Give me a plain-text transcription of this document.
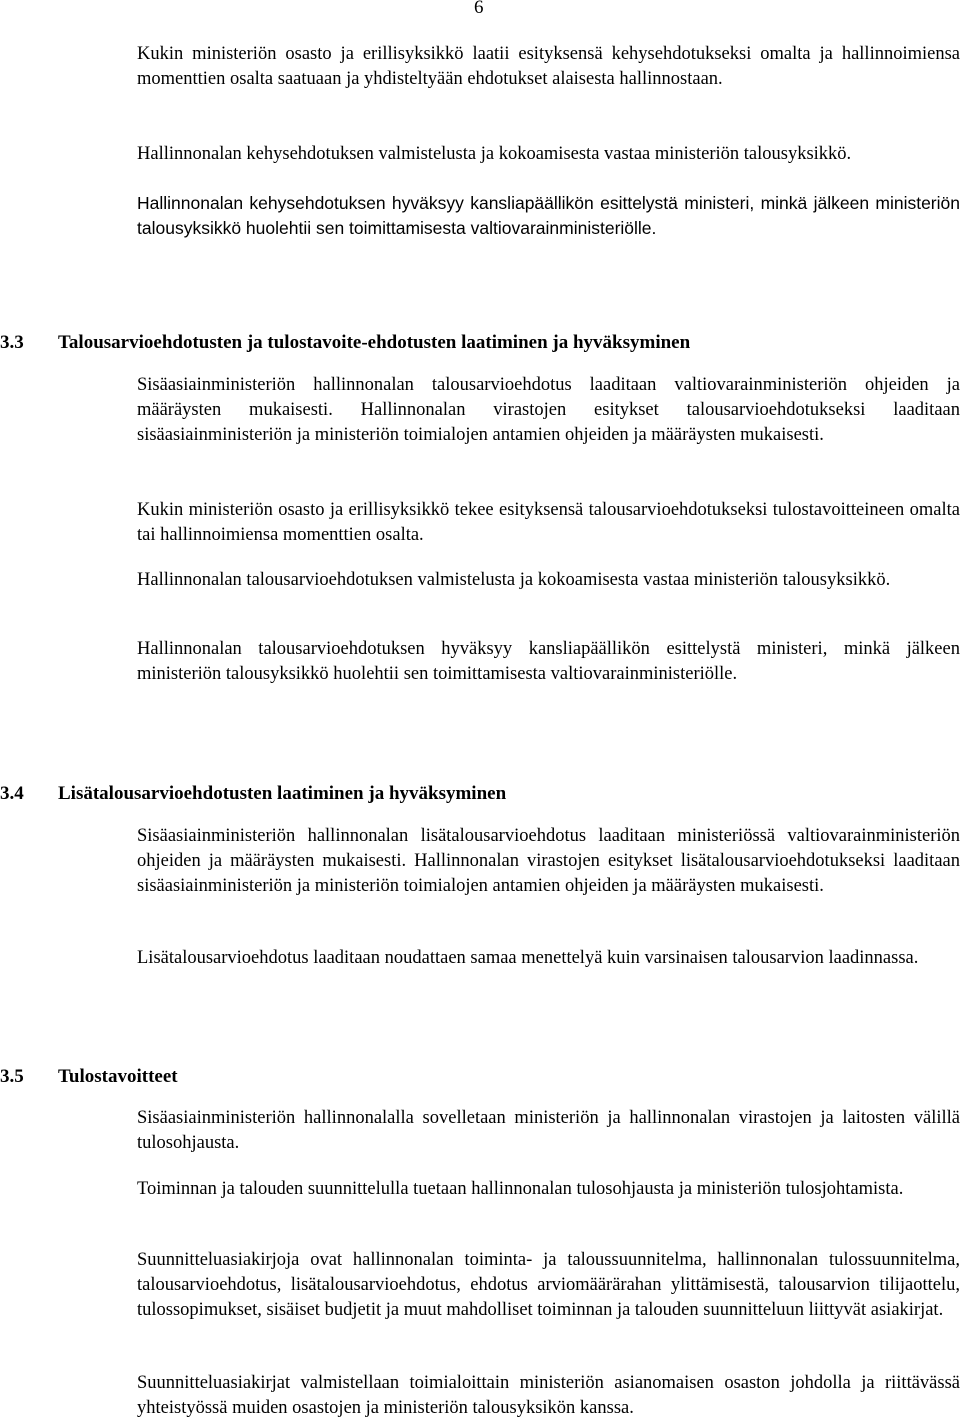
6

Kukin ministeriön osasto ja erillisyksikkö laatii esityksensä kehysehdotukseksi omalta ja hallinnoimiensa momenttien osalta saatuaan ja yhdisteltyään ehdotukset alaisesta hallinnostaan.

Hallinnonalan kehysehdotuksen valmistelusta ja kokoamisesta vastaa ministeriön talousyksikkö.

Hallinnonalan kehysehdotuksen hyväksyy kansliapäällikön esittelystä ministeri, minkä jälkeen ministeriön talousyksikkö huolehtii sen toimittamisesta valtiovarainministeriölle.

3.3 Talousarvioehdotusten ja tulostavoite-ehdotusten laatiminen ja hyväksyminen

Sisäasiainministeriön hallinnonalan talousarvioehdotus laaditaan valtiovarainministeriön ohjeiden ja määräysten mukaisesti. Hallinnonalan virastojen esitykset talousarvioehdotukseksi laaditaan sisäasiainministeriön ja ministeriön toimialojen antamien ohjeiden ja määräysten mukaisesti.

Kukin ministeriön osasto ja erillisyksikkö tekee esityksensä talousarvioehdotukseksi tulostavoitteineen omalta tai hallinnoimiensa momenttien osalta.

Hallinnonalan talousarvioehdotuksen valmistelusta ja kokoamisesta vastaa ministeriön talousyksikkö.

Hallinnonalan talousarvioehdotuksen hyväksyy kansliapäällikön esittelystä ministeri, minkä jälkeen ministeriön talousyksikkö huolehtii sen toimittamisesta valtiovarainministeriölle.

3.4 Lisätalousarvioehdotusten laatiminen ja hyväksyminen

Sisäasiainministeriön hallinnonalan lisätalousarvioehdotus laaditaan ministeriössä valtiovarainministeriön ohjeiden ja määräysten mukaisesti. Hallinnonalan virastojen esitykset lisätalousarvioehdotukseksi laaditaan sisäasiainministeriön ja ministeriön toimialojen antamien ohjeiden ja määräysten mukaisesti.

Lisätalousarvioehdotus laaditaan noudattaen samaa menettelyä kuin varsinaisen talousarvion laadinnassa.

3.5 Tulostavoitteet

Sisäasiainministeriön hallinnonalalla sovelletaan ministeriön ja hallinnonalan virastojen ja laitosten välillä tulosohjausta.

Toiminnan ja talouden suunnittelulla tuetaan hallinnonalan tulosohjausta ja ministeriön tulosjohtamista.

Suunnitteluasiakirjoja ovat hallinnonalan toiminta- ja taloussuunnitelma, hallinnonalan tulossuunnitelma, talousarvioehdotus, lisätalousarvioehdotus, ehdotus arviomäärärahan ylittämisestä, talousarvion tilijaottelu, tulossopimukset, sisäiset budjetit ja muut mahdolliset toiminnan ja talouden suunnitteluun liittyvät asiakirjat.

Suunnitteluasiakirjat valmistellaan toimialoittain ministeriön asianomaisen osaston johdolla ja riittävässä yhteistyössä muiden osastojen ja ministeriön talousyksikön kanssa.
